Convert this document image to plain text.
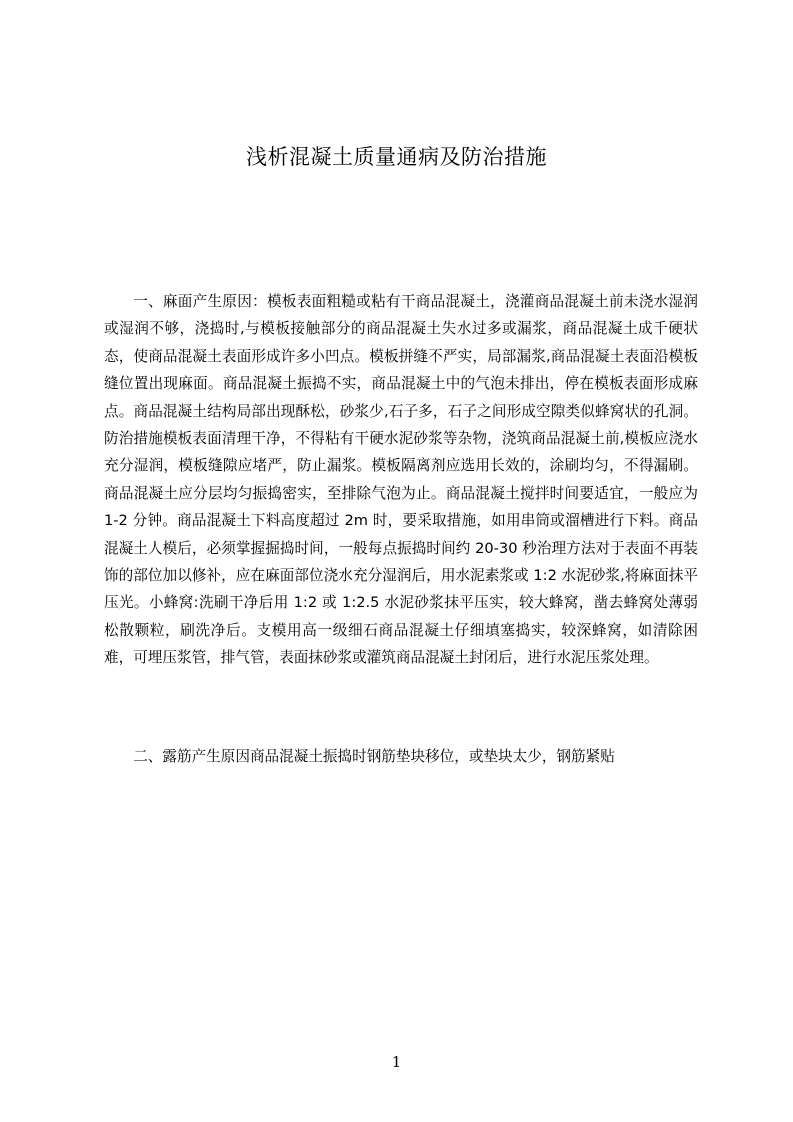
浅析混凝土质量通病及防治措施

一、麻面产生原因：模板表面粗糙或粘有干商品混凝土，浇灌商品混凝土前未浇水湿润或湿润不够，浇捣时,与模板接触部分的商品混凝土失水过多或漏浆，商品混凝土成千硬状态，使商品混凝土表面形成许多小凹点。模板拼缝不严实，局部漏浆,商品混凝土表面沿模板缝位置出现麻面。商品混凝土振捣不实，商品混凝土中的气泡未排出，停在模板表面形成麻点。商品混凝土结构局部出现酥松，砂浆少,石子多，石子之间形成空隙类似蜂窝状的孔洞。防治措施模板表面清理干净，不得粘有干硬水泥砂浆等杂物，浇筑商品混凝土前,模板应浇水充分湿润，模板缝隙应堵严，防止漏浆。模板隔离剂应选用长效的，涂刷均匀，不得漏刷。商品混凝土应分层均匀振捣密实，至排除气泡为止。商品混凝土搅拌时间要适宜，一般应为 1-2 分钟。商品混凝土下料高度超过 2m 时，要采取措施，如用串筒或溜槽进行下料。商品混凝土人模后，必须掌握掘捣时间，一般每点振捣时间约 20-30 秒治理方法对于表面不再装饰的部位加以修补，应在麻面部位浇水充分湿润后，用水泥素浆或 1:2 水泥砂浆,将麻面抹平压光。小蜂窝:洗刷干净后用 1:2 或 1:2.5 水泥砂浆抹平压实，较大蜂窝，凿去蜂窝处薄弱松散颗粒，刷洗净后。支模用高一级细石商品混凝土仔细填塞捣实，较深蜂窝，如清除困难，可埋压浆管，排气管，表面抹砂浆或灌筑商品混凝土封闭后，进行水泥压浆处理。

二、露筋产生原因商品混凝土振捣时钢筋垫块移位，或垫块太少，钢筋紧贴

1
